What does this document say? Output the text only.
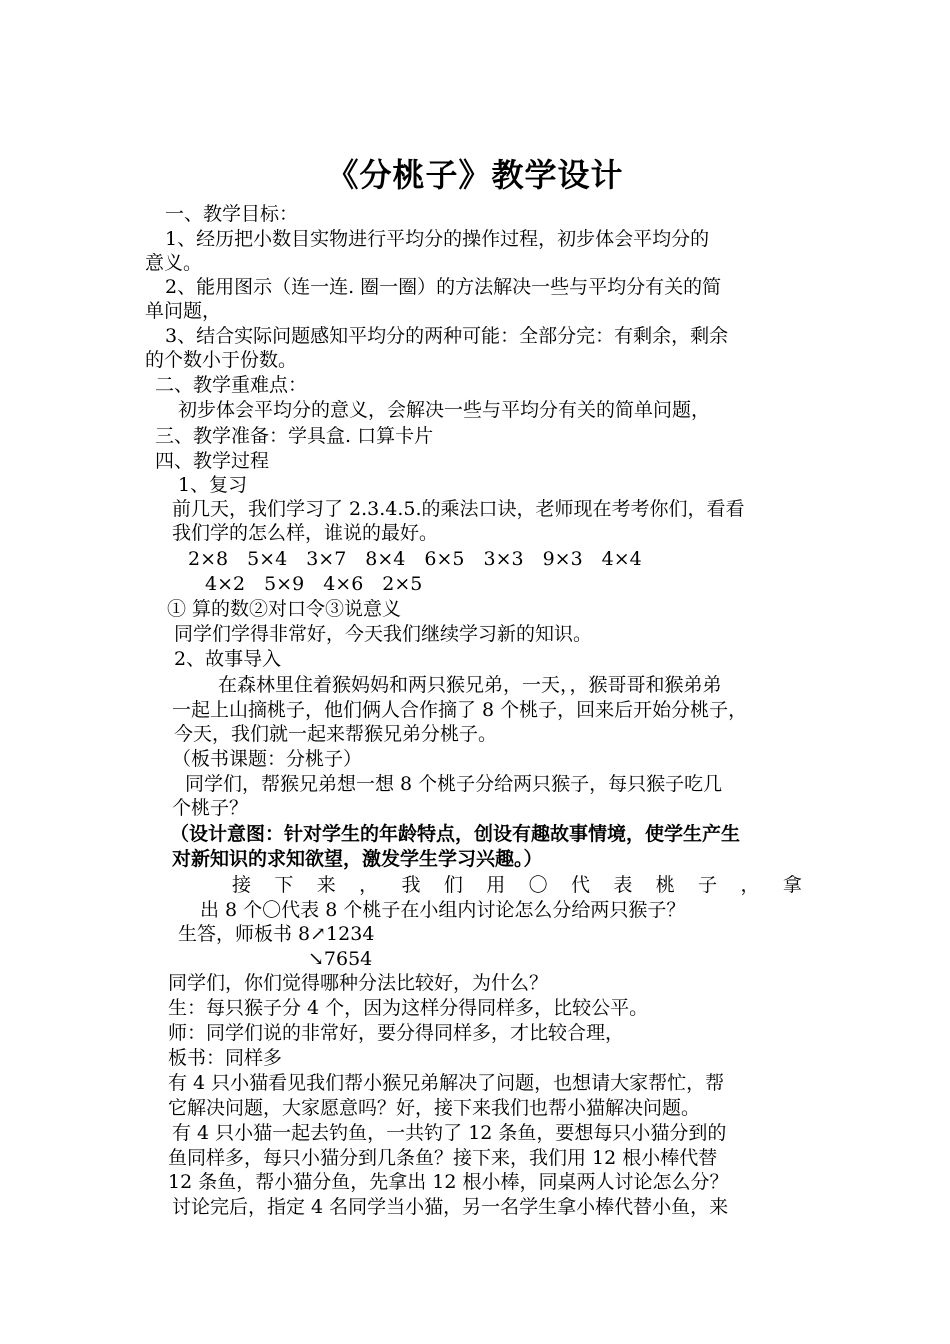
《分桃子》教学设计
一、教学目标：
1、经历把小数目实物进行平均分的操作过程，初步体会平均分的
意义。
2、能用图示（连一连. 圈一圈）的方法解决一些与平均分有关的简
单问题，
3、结合实际问题感知平均分的两种可能：全部分完：有剩余，剩余
的个数小于份数。
二、教学重难点：
初步体会平均分的意义，会解决一些与平均分有关的简单问题，
三、教学准备：学具盒. 口算卡片
四、教学过程
1、复习
前几天，我们学习了 2.3.4.5.的乘法口诀，老师现在考考你们，看看
我们学的怎么样，谁说的最好。
2×8　5×4　3×7　8×4　6×5　3×3　9×3　4×4
4×2　5×9　4×6　2×5
① 算的数②对口令③说意义
同学们学得非常好，今天我们继续学习新的知识。
2、故事导入
在森林里住着猴妈妈和两只猴兄弟，一天，，猴哥哥和猴弟弟
一起上山摘桃子，他们俩人合作摘了 8 个桃子，回来后开始分桃子，
今天，我们就一起来帮猴兄弟分桃子。
（板书课题：分桃子）
同学们，帮猴兄弟想一想 8 个桃子分给两只猴子，每只猴子吃几
个桃子？
（设计意图：针对学生的年龄特点，创设有趣故事情境，使学生产生
对新知识的求知欲望，激发学生学习兴趣。）
接 下 来 ， 我 们 用 〇 代 表 桃 子 ， 拿
出 8 个〇代表 8 个桃子在小组内讨论怎么分给两只猴子？
生答，师板书 8↗1234
↘7654
同学们，你们觉得哪种分法比较好，为什么？
生：每只猴子分 4 个，因为这样分得同样多，比较公平。
师：同学们说的非常好，要分得同样多，才比较合理，
板书：同样多
有 4 只小猫看见我们帮小猴兄弟解决了问题，也想请大家帮忙，帮
它解决问题，大家愿意吗？好，接下来我们也帮小猫解决问题。
有 4 只小猫一起去钓鱼，一共钓了 12 条鱼，要想每只小猫分到的
鱼同样多，每只小猫分到几条鱼？接下来，我们用 12 根小棒代替
12 条鱼，帮小猫分鱼，先拿出 12 根小棒，同桌两人讨论怎么分？
讨论完后，指定 4 名同学当小猫，另一名学生拿小棒代替小鱼，来
